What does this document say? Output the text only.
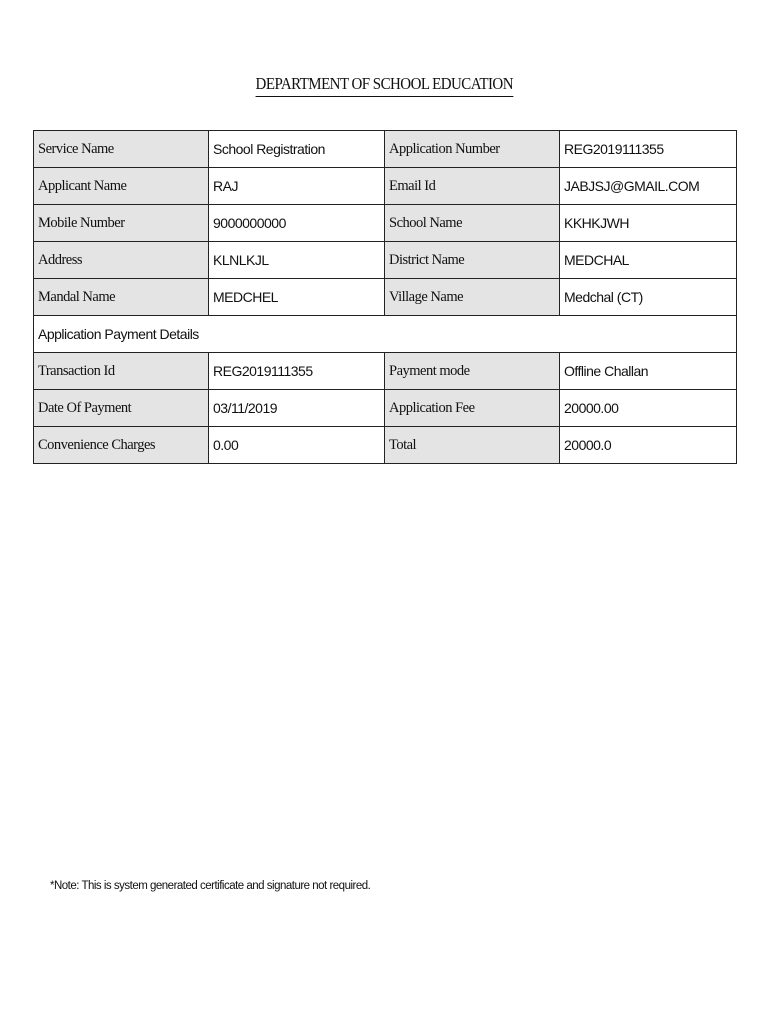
DEPARTMENT OF SCHOOL EDUCATION
Service Name	School Registration	Application Number	REG2019111355
Applicant Name	RAJ	Email Id	JABJSJ@GMAIL.COM
Mobile Number	9000000000	School Name	KKHKJWH
Address	KLNLKJL	District Name	MEDCHAL
Mandal Name	MEDCHEL	Village Name	Medchal (CT)
Application Payment Details			
Transaction Id	REG2019111355	Payment mode	Offline Challan
Date Of Payment	03/11/2019	Application Fee	20000.00
Convenience Charges	0.00	Total	20000.0
*Note: This is system generated certificate and signature not required.
